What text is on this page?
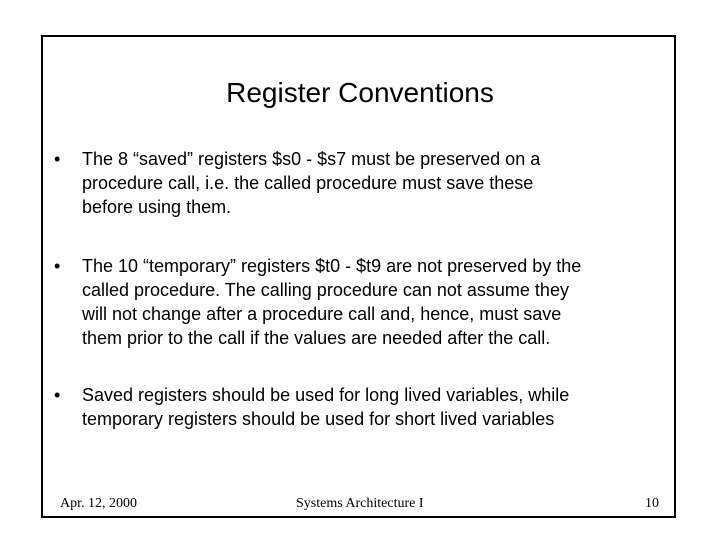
Register Conventions
•	The 8 “saved” registers $s0 - $s7 must be preserved on a
procedure call, i.e. the called procedure must save these
before using them.
•	The 10 “temporary” registers $t0 - $t9 are not preserved by the
called procedure. The calling procedure can not assume they
will not change after a procedure call and, hence, must save
them prior to the call if the values are needed after the call.
•	Saved registers should be used for long lived variables, while
temporary registers should be used for short lived variables
Apr. 12, 2000	Systems Architecture I	10
